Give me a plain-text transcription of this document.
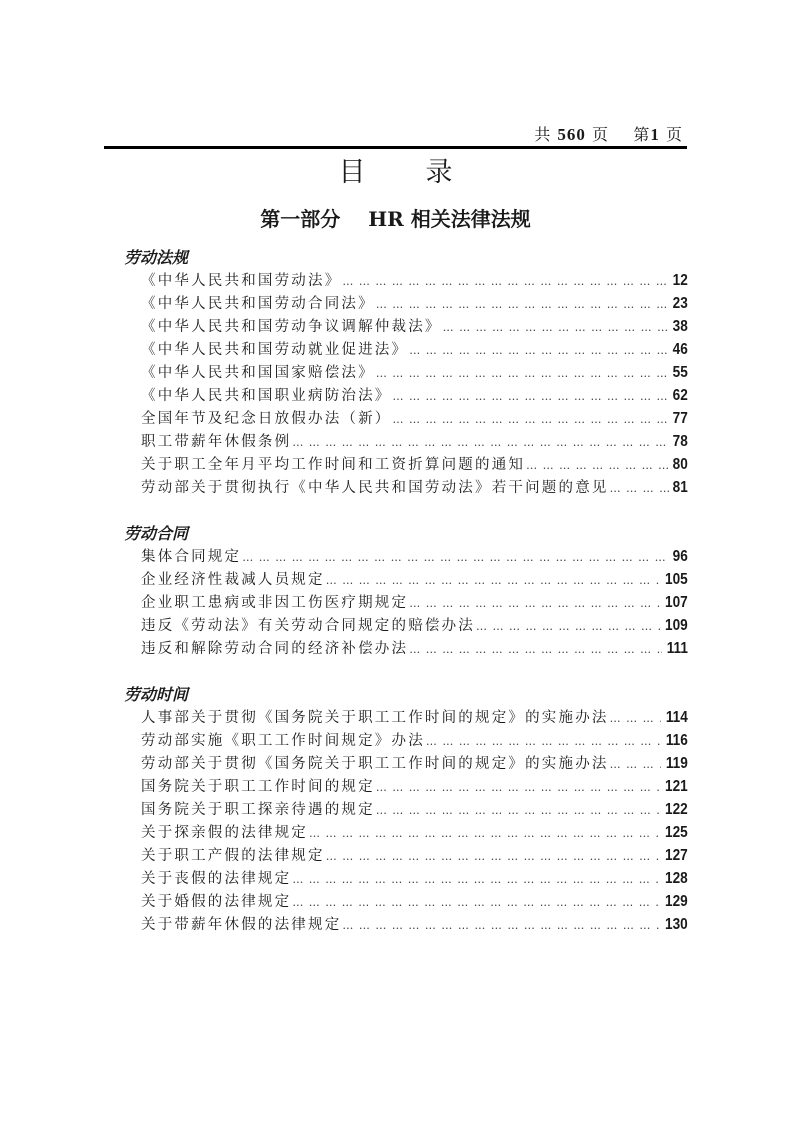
共 560 页 第1 页
目录
第一部分 HR 相关法律法规
劳动法规
《中华人民共和国劳动法》 … … … … … … … … … … … … … … … … … … … … … … … … … … … … … … … … … … … … … … … … …	12
《中华人民共和国劳动合同法》 … … … … … … … … … … … … … … … … … … … … … … … … … … … … … … … … … … … … … … … … …	23
《中华人民共和国劳动争议调解仲裁法》 … … … … … … … … … … … … … … … … … … … … … … … … … … … … … … … … … … … … … … … … …	38
《中华人民共和国劳动就业促进法》 … … … … … … … … … … … … … … … … … … … … … … … … … … … … … … … … … … … … … … … … …	46
《中华人民共和国国家赔偿法》 … … … … … … … … … … … … … … … … … … … … … … … … … … … … … … … … … … … … … … … … …	55
《中华人民共和国职业病防治法》 … … … … … … … … … … … … … … … … … … … … … … … … … … … … … … … … … … … … … … … … …	62
全国年节及纪念日放假办法（新） … … … … … … … … … … … … … … … … … … … … … … … … … … … … … … … … … … … … … … … … …	77
职工带薪年休假条例 … … … … … … … … … … … … … … … … … … … … … … … … … … … … … … … … … … … … … … … … …	78
关于职工全年月平均工作时间和工资折算问题的通知 … … … … … … … … … … … … … … … … … … … … … … … … … … … … … … … … … … … … … … … … …	80
劳动部关于贯彻执行《中华人民共和国劳动法》若干问题的意见 … … … … … … … … … … … … … … … … … … … … … … … … … … … … … … … … … … … … … … … … …	81
劳动合同
集体合同规定 … … … … … … … … … … … … … … … … … … … … … … … … … … … … … … … … … … … … … … … … …	96
企业经济性裁减人员规定 … … … … … … … … … … … … … … … … … … … … … … … … … … … … … … … … … … … … … … … … …	105
企业职工患病或非因工伤医疗期规定 … … … … … … … … … … … … … … … … … … … … … … … … … … … … … … … … … … … … … … … … …	107
违反《劳动法》有关劳动合同规定的赔偿办法 … … … … … … … … … … … … … … … … … … … … … … … … … … … … … … … … … … … … … … … … …	109
违反和解除劳动合同的经济补偿办法 … … … … … … … … … … … … … … … … … … … … … … … … … … … … … … … … … … … … … … … … …	111
劳动时间
人事部关于贯彻《国务院关于职工工作时间的规定》的实施办法 … … … … … … … … … … … … … … … … … … … … … … … … … … … … … … … … … … … … … … … … …	114
劳动部实施《职工工作时间规定》办法 … … … … … … … … … … … … … … … … … … … … … … … … … … … … … … … … … … … … … … … … …	116
劳动部关于贯彻《国务院关于职工工作时间的规定》的实施办法 … … … … … … … … … … … … … … … … … … … … … … … … … … … … … … … … … … … … … … … … …	119
国务院关于职工工作时间的规定 … … … … … … … … … … … … … … … … … … … … … … … … … … … … … … … … … … … … … … … … …	121
国务院关于职工探亲待遇的规定 … … … … … … … … … … … … … … … … … … … … … … … … … … … … … … … … … … … … … … … … …	122
关于探亲假的法律规定 … … … … … … … … … … … … … … … … … … … … … … … … … … … … … … … … … … … … … … … … …	125
关于职工产假的法律规定 … … … … … … … … … … … … … … … … … … … … … … … … … … … … … … … … … … … … … … … … …	127
关于丧假的法律规定 … … … … … … … … … … … … … … … … … … … … … … … … … … … … … … … … … … … … … … … … …	128
关于婚假的法律规定 … … … … … … … … … … … … … … … … … … … … … … … … … … … … … … … … … … … … … … … … …	129
关于带薪年休假的法律规定 … … … … … … … … … … … … … … … … … … … … … … … … … … … … … … … … … … … … … … … … …	130
